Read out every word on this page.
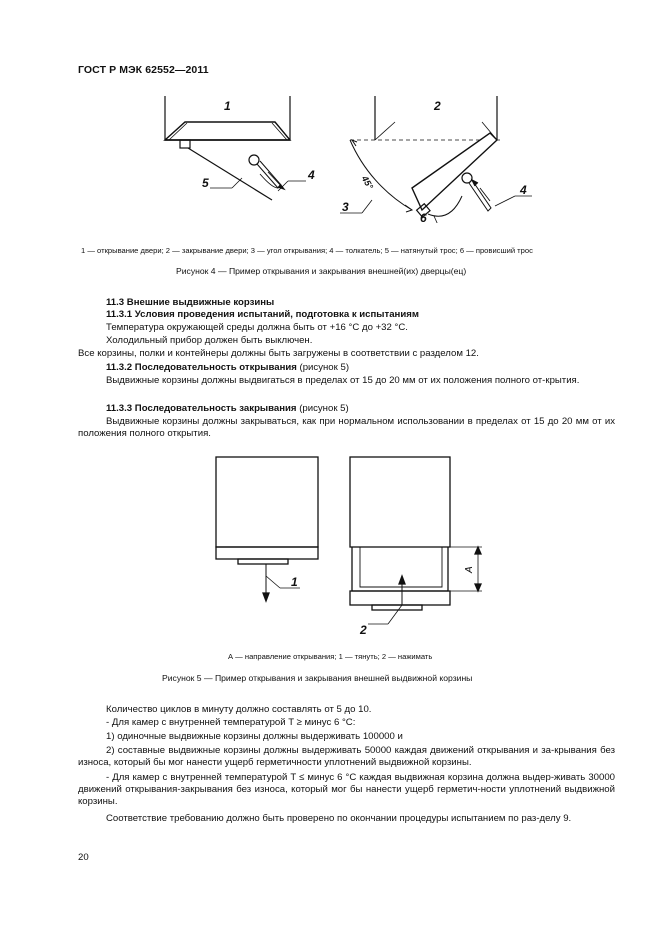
ГОСТ Р МЭК 62552—2011
1	2
3
4
4
5
6
45°
1 — открывание двери; 2 — закрывание двери; 3 — угол открывания; 4 — толкатель; 5 — натянутый трос; 6 — провисший трос
Рисунок 4 — Пример открывания и закрывания внешней(их) дверцы(ец)
11.3 Внешние выдвижные корзины
11.3.1 Условия проведения испытаний, подготовка к испытаниям
Температура окружающей среды должна быть от +16 °С до +32 °С.
Холодильный прибор должен быть выключен.
Все корзины, полки и контейнеры должны быть загружены в соответствии с разделом 12.
11.3.2 Последовательность открывания (рисунок 5)
Выдвижные корзины должны выдвигаться в пределах от 15 до 20 мм от их положения полного от-крытия.
11.3.3 Последовательность закрывания (рисунок 5)
Выдвижные корзины должны закрываться, как при нормальном использовании в пределах от 15 до 20 мм от их положения полного открытия.
1
2
А
А — направление открывания; 1 — тянуть; 2 — нажимать
Рисунок 5 — Пример открывания и закрывания внешней выдвижной корзины
Количество циклов в минуту должно составлять от 5 до 10.
- Для камер с внутренней температурой T ≥ минус 6 °С:
1) одиночные выдвижные корзины должны выдерживать 100000 и
2) составные выдвижные корзины должны выдерживать 50000 каждая движений открывания и за-крывания без износа, который бы мог нанести ущерб герметичности уплотнений выдвижной корзины.
- Для камер с внутренней температурой T ≤ минус 6 °С каждая выдвижная корзина должна выдер-живать 30000 движений открывания-закрывания без износа, который мог бы нанести ущерб герметич-ности уплотнений выдвижной корзины.
Соответствие требованию должно быть проверено по окончании процедуры испытанием по раз-делу 9.
20
